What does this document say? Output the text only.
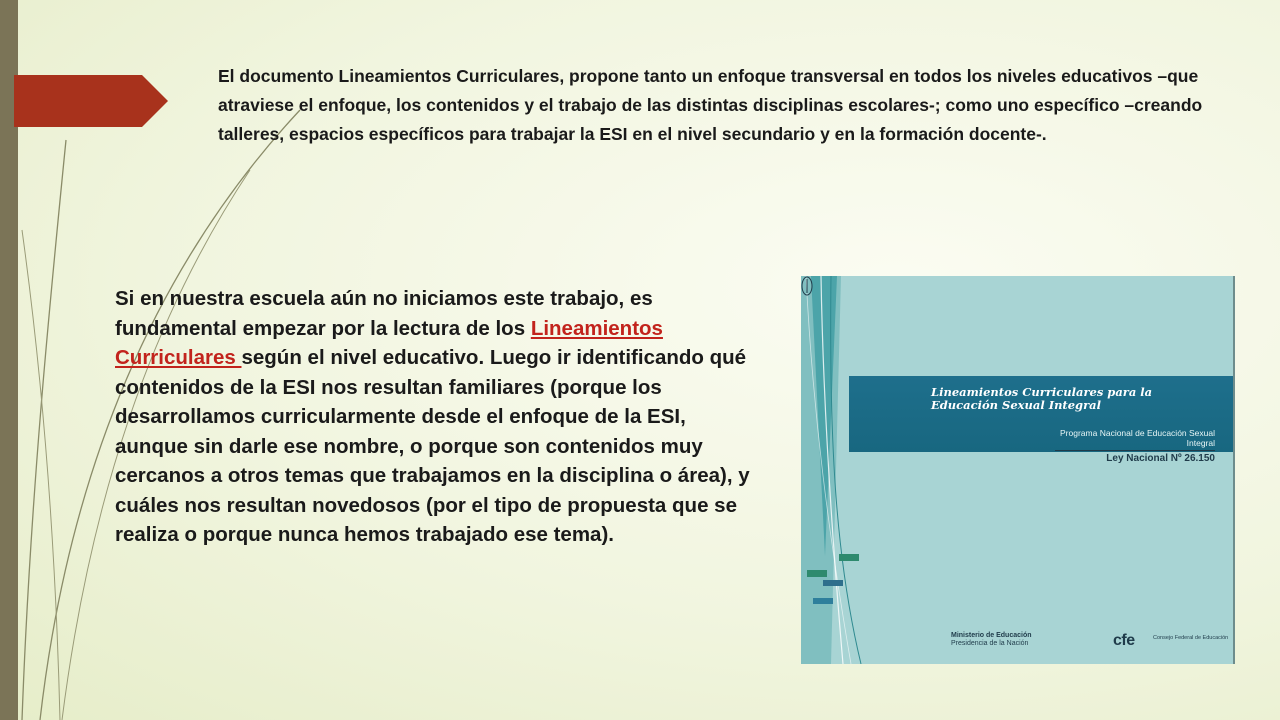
El documento Lineamientos Curriculares, propone tanto un enfoque transversal en todos los niveles educativos –que atraviese el enfoque, los contenidos y el trabajo de las distintas disciplinas escolares-; como uno específico –creando talleres, espacios específicos para trabajar la ESI en el nivel secundario y en la formación docente-.
Si en nuestra escuela aún no iniciamos este trabajo, es fundamental empezar por la lectura de los Lineamientos Curriculares según el nivel educativo. Luego ir identificando qué contenidos de la ESI nos resultan familiares (porque los desarrollamos curricularmente desde el enfoque de la ESI, aunque sin darle ese nombre, o porque son contenidos muy cercanos a otros temas que trabajamos en la disciplina o área), y cuáles nos resultan novedosos (por el tipo de propuesta que se realiza o porque nunca hemos trabajado ese tema).
Lineamientos Curriculares para la Educación Sexual Integral
Programa Nacional de Educación Sexual Integral
Ley Nacional Nº 26.150
Ministerio de Educación
Presidencia de la Nación	cfe	Consejo Federal de Educación
